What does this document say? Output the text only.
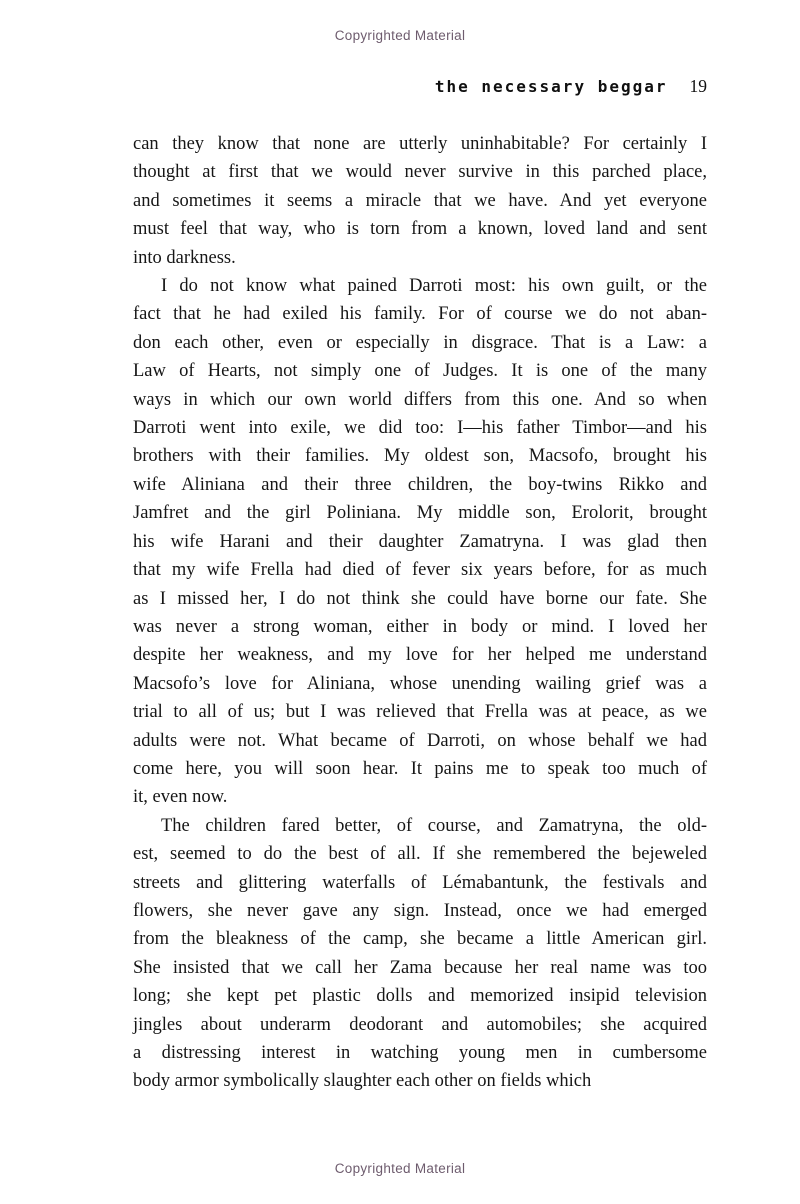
Copyrighted Material
the necessary beggar 19
can they know that none are utterly uninhabitable? For certainly I
thought at first that we would never survive in this parched place,
and sometimes it seems a miracle that we have. And yet everyone
must feel that way, who is torn from a known, loved land and sent
into darkness.
I do not know what pained Darroti most: his own guilt, or the
fact that he had exiled his family. For of course we do not aban-
don each other, even or especially in disgrace. That is a Law: a
Law of Hearts, not simply one of Judges. It is one of the many
ways in which our own world differs from this one. And so when
Darroti went into exile, we did too: I—his father Timbor—and his
brothers with their families. My oldest son, Macsofo, brought his
wife Aliniana and their three children, the boy-twins Rikko and
Jamfret and the girl Poliniana. My middle son, Erolorit, brought
his wife Harani and their daughter Zamatryna. I was glad then
that my wife Frella had died of fever six years before, for as much
as I missed her, I do not think she could have borne our fate. She
was never a strong woman, either in body or mind. I loved her
despite her weakness, and my love for her helped me understand
Macsofo’s love for Aliniana, whose unending wailing grief was a
trial to all of us; but I was relieved that Frella was at peace, as we
adults were not. What became of Darroti, on whose behalf we had
come here, you will soon hear. It pains me to speak too much of
it, even now.
The children fared better, of course, and Zamatryna, the old-
est, seemed to do the best of all. If she remembered the bejeweled
streets and glittering waterfalls of Lémabantunk, the festivals and
flowers, she never gave any sign. Instead, once we had emerged
from the bleakness of the camp, she became a little American girl.
She insisted that we call her Zama because her real name was too
long; she kept pet plastic dolls and memorized insipid television
jingles about underarm deodorant and automobiles; she acquired
a distressing interest in watching young men in cumbersome
body armor symbolically slaughter each other on fields which
Copyrighted Material
